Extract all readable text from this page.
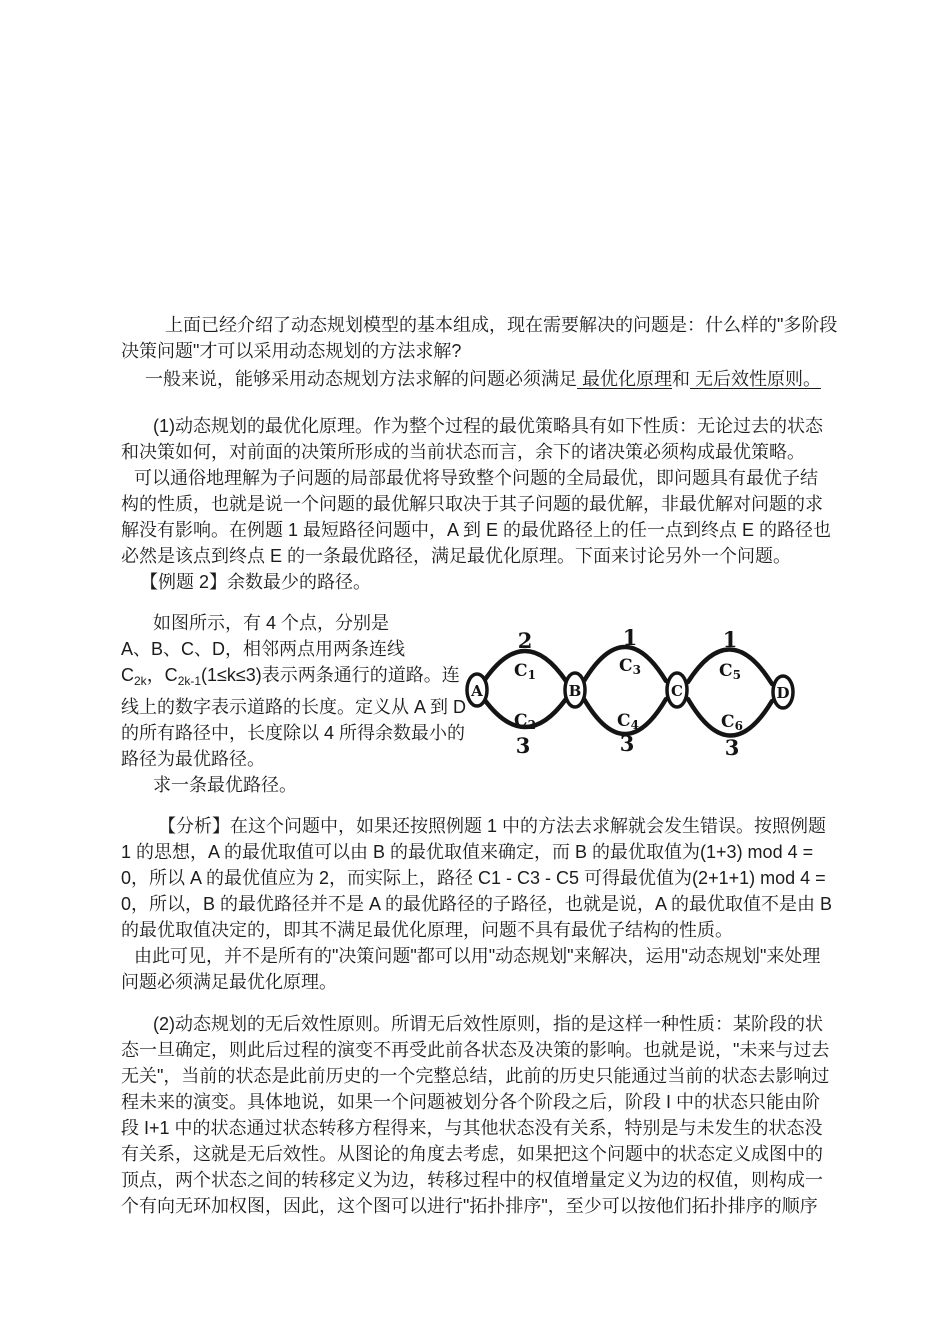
上面已经介绍了动态规划模型的基本组成，现在需要解决的问题是：什么样的"多阶段
决策问题"才可以采用动态规划的方法求解?
一般来说，能够采用动态规划方法求解的问题必须满足 最优化原理和 无后效性原则。
(1)动态规划的最优化原理。作为整个过程的最优策略具有如下性质：无论过去的状态
和决策如何，对前面的决策所形成的当前状态而言，余下的诸决策必须构成最优策略。
可以通俗地理解为子问题的局部最优将导致整个问题的全局最优，即问题具有最优子结
构的性质，也就是说一个问题的最优解只取决于其子问题的最优解，非最优解对问题的求
解没有影响。在例题 1 最短路径问题中，A 到 E 的最优路径上的任一点到终点 E 的路径也
必然是该点到终点 E 的一条最优路径，满足最优化原理。下面来讨论另外一个问题。
【例题 2】余数最少的路径。
如图所示，有 4 个点，分别是
A、B、C、D，相邻两点用两条连线
$C_{2k}$，$C_{2k-1}(1\le k\le 3)$表示两条通行的道路。连
线上的数字表示道路的长度。定义从 A 到 D
的所有路径中，长度除以 4 所得余数最小的
路径为最优路径。
求一条最优路径。
【分析】在这个问题中，如果还按照例题 1 中的方法去求解就会发生错误。按照例题
1 的思想，A 的最优取值可以由 B 的最优取值来确定，而 B 的最优取值为(1+3) mod 4 =
0，所以 A 的最优值应为 2，而实际上，路径 C1 - C3 - C5 可得最优值为(2+1+1) mod 4 =
0，所以，B 的最优路径并不是 A 的最优路径的子路径，也就是说，A 的最优取值不是由 B
的最优取值决定的，即其不满足最优化原理，问题不具有最优子结构的性质。
由此可见，并不是所有的"决策问题"都可以用"动态规划"来解决，运用"动态规划"来处理
问题必须满足最优化原理。
(2)动态规划的无后效性原则。所谓无后效性原则，指的是这样一种性质：某阶段的状
态一旦确定，则此后过程的演变不再受此前各状态及决策的影响。也就是说，"未来与过去
无关"，当前的状态是此前历史的一个完整总结，此前的历史只能通过当前的状态去影响过
程未来的演变。具体地说，如果一个问题被划分各个阶段之后，阶段 I 中的状态只能由阶
段 I+1 中的状态通过状态转移方程得来，与其他状态没有关系，特别是与未发生的状态没
有关系，这就是无后效性。从图论的角度去考虑，如果把这个问题中的状态定义成图中的
顶点，两个状态之间的转移定义为边，转移过程中的权值增量定义为边的权值，则构成一
个有向无环加权图，因此，这个图可以进行"拓扑排序"，至少可以按他们拓扑排序的顺序
A	B	C	D
2
3
1
3
1
3
C1
C2
C3
C4
C5
C6
